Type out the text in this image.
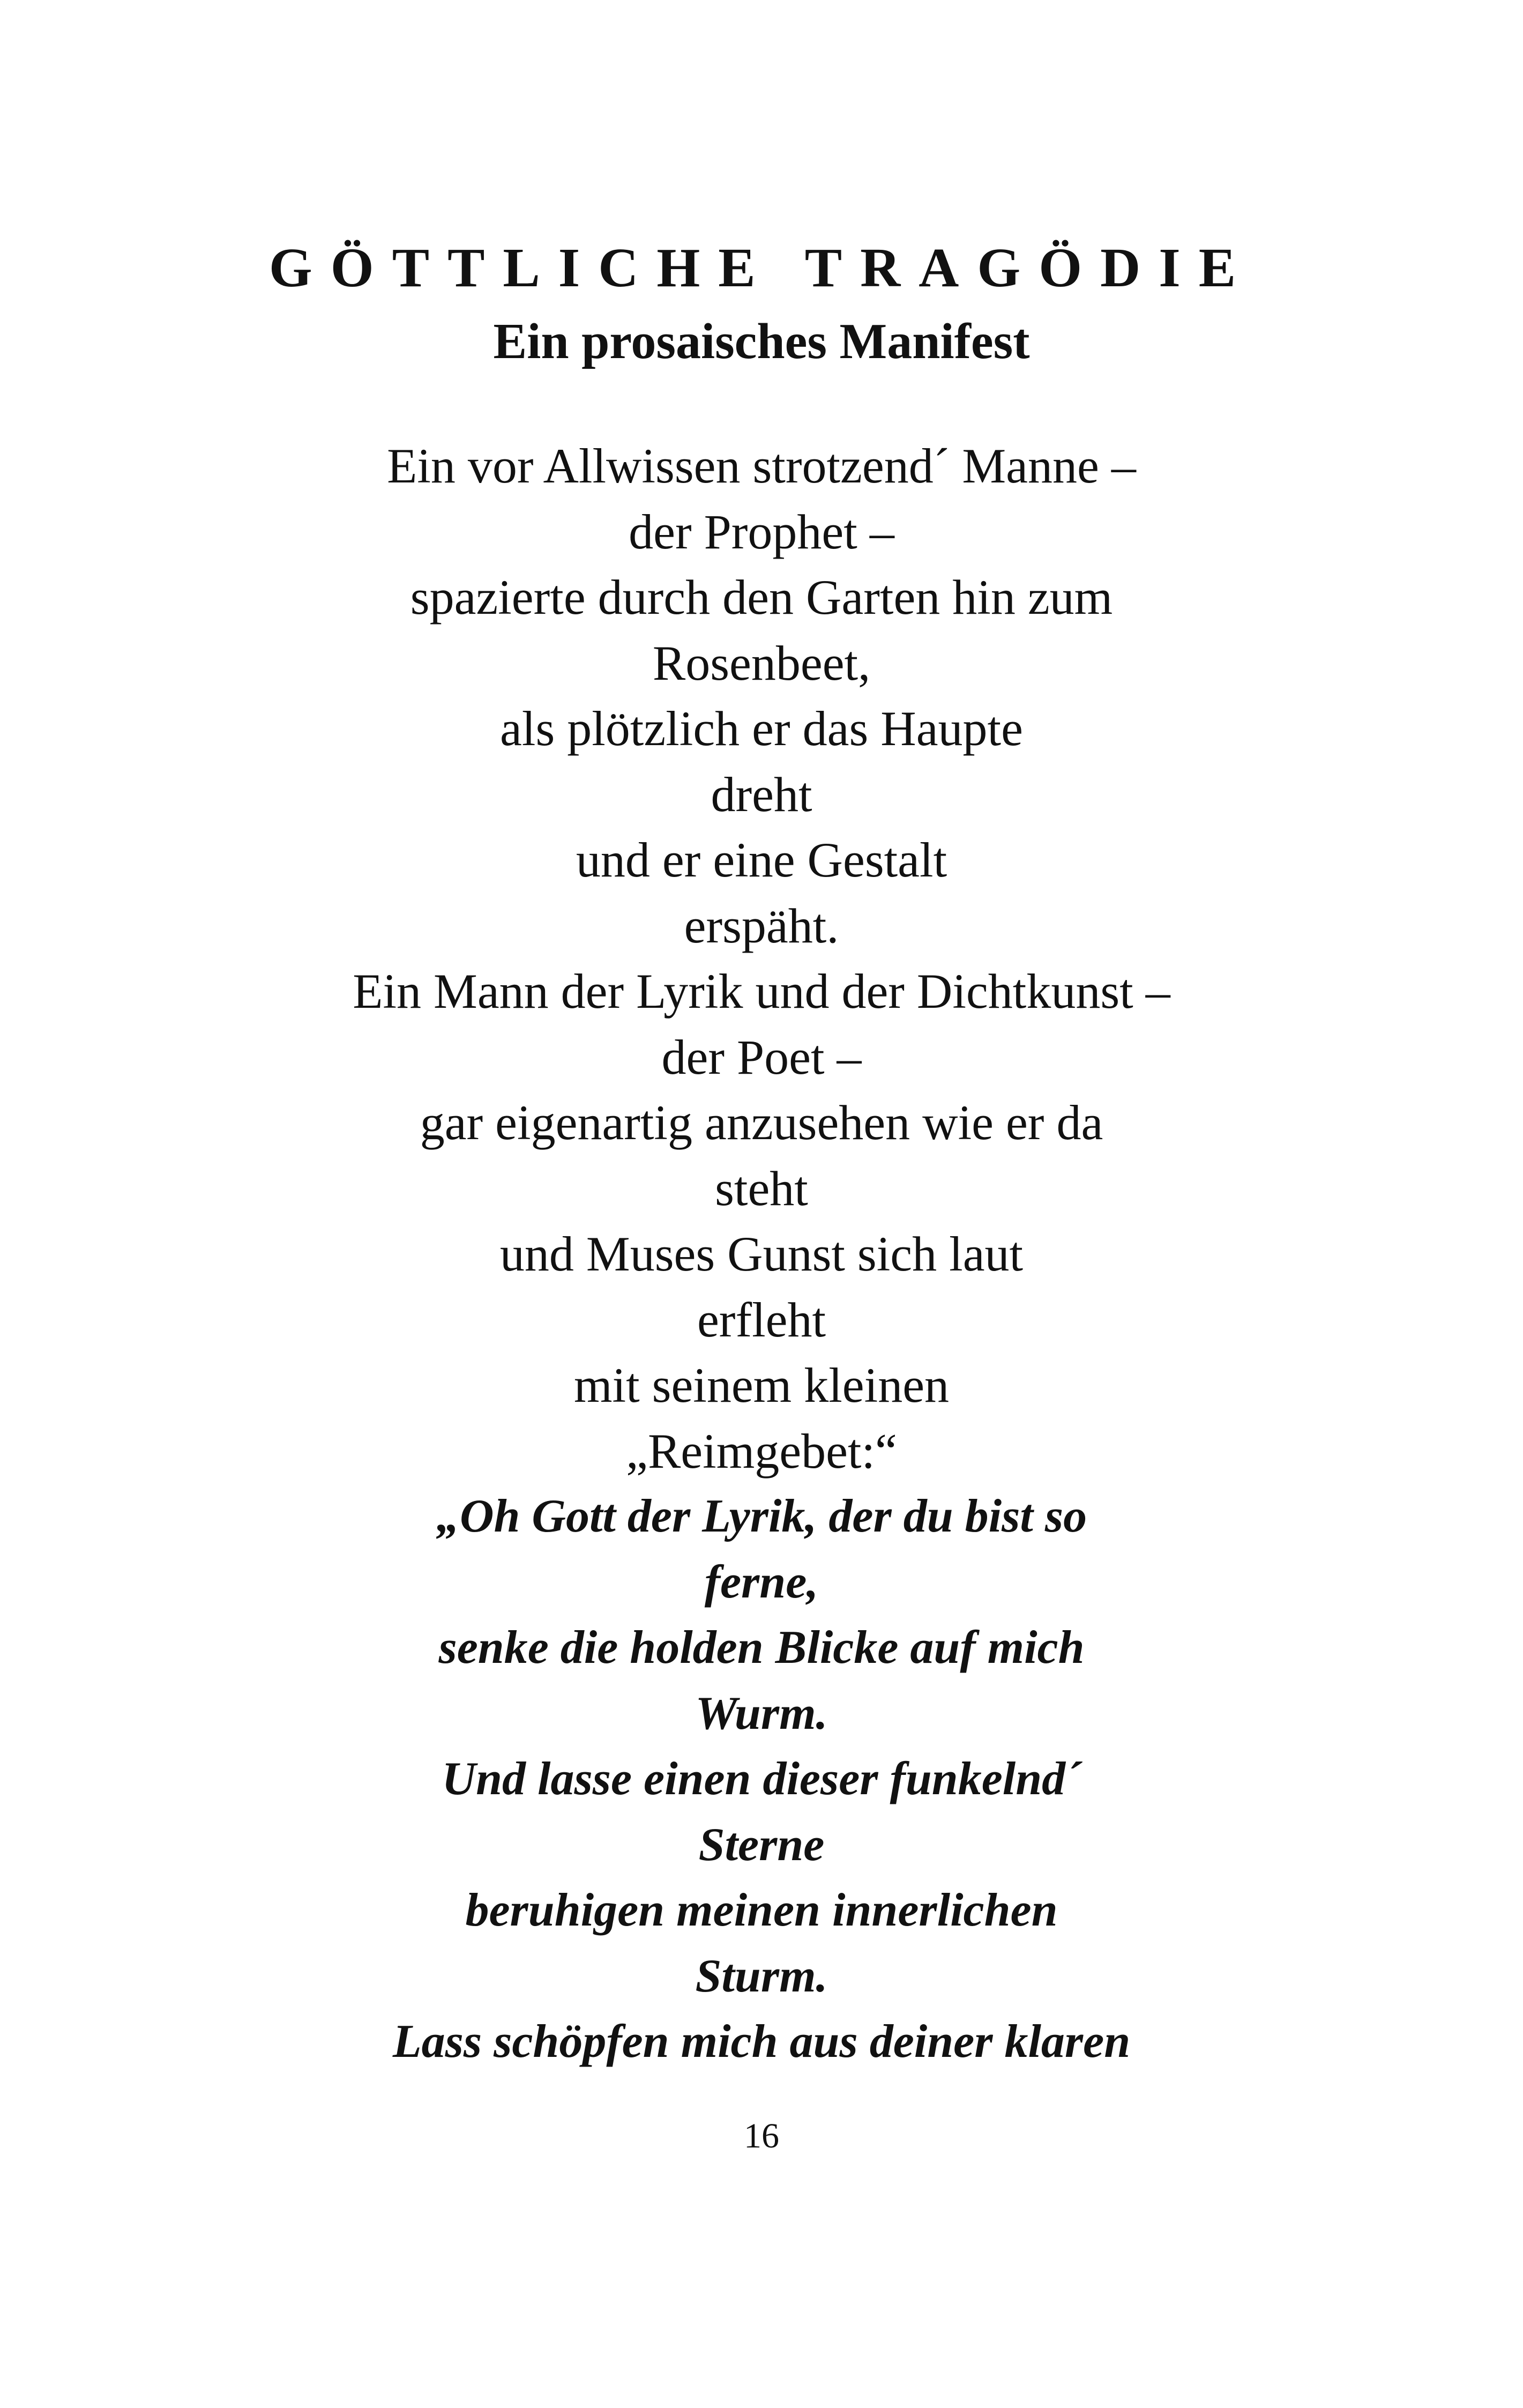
GÖTTLICHE TRAGÖDIE
Ein prosaisches Manifest
Ein vor Allwissen strotzend´ Manne –
der Prophet –
spazierte durch den Garten hin zum
Rosenbeet,
als plötzlich er das Haupte
dreht
und er eine Gestalt
erspäht.
Ein Mann der Lyrik und der Dichtkunst –
der Poet –
gar eigenartig anzusehen wie er da
steht
und Muses Gunst sich laut
erfleht
mit seinem kleinen
„Reimgebet:“
„Oh Gott der Lyrik, der du bist so
ferne,
senke die holden Blicke auf mich
Wurm.
Und lasse einen dieser funkelnd´
Sterne
beruhigen meinen innerlichen
Sturm.
Lass schöpfen mich aus deiner klaren
16
